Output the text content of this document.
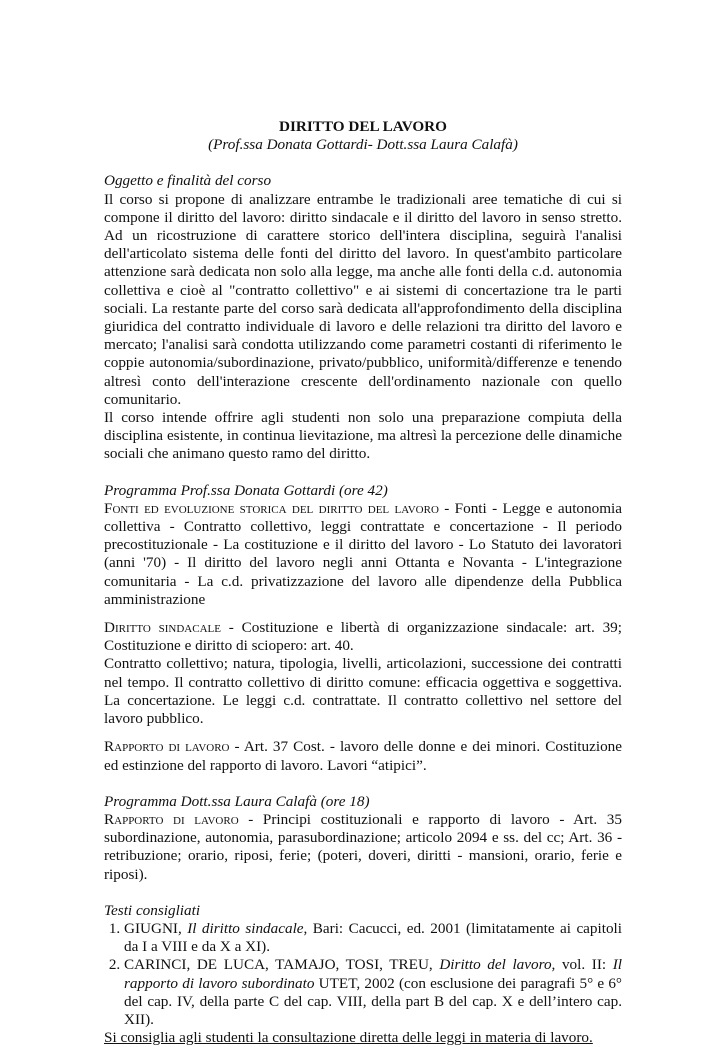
DIRITTO DEL LAVORO
(Prof.ssa Donata Gottardi- Dott.ssa Laura Calafà)
Oggetto e finalità del corso

Il corso si propone di analizzare entrambe le tradizionali aree tematiche di cui si compone il diritto del lavoro: diritto sindacale e il diritto del lavoro in senso stretto. Ad un ricostruzione di carattere storico dell'intera disciplina, seguirà l'analisi dell'articolato sistema delle fonti del diritto del lavoro. In quest'ambito particolare attenzione sarà dedicata non solo alla legge, ma anche alle fonti della c.d. autonomia collettiva e cioè al "contratto collettivo" e ai sistemi di concertazione tra le parti sociali. La restante parte del corso sarà dedicata all'approfondimento della disciplina giuridica del contratto individuale di lavoro e delle relazioni tra diritto del lavoro e mercato; l'analisi sarà condotta utilizzando come parametri costanti di riferimento le coppie autonomia/subordinazione, privato/pubblico, uniformità/differenze e tenendo altresì conto dell'interazione crescente dell'ordinamento nazionale con quello comunitario.

Il corso intende offrire agli studenti non solo una preparazione compiuta della disciplina esistente, in continua lievitazione, ma altresì la percezione delle dinamiche sociali che animano questo ramo del diritto.

Programma Prof.ssa Donata Gottardi (ore 42)

Fonti ed evoluzione storica del diritto del lavoro - Fonti - Legge e autonomia collettiva - Contratto collettivo, leggi contrattate e concertazione - Il periodo precostituzionale - La costituzione e il diritto del lavoro - Lo Statuto dei lavoratori (anni '70) - Il diritto del lavoro negli anni Ottanta e Novanta - L'integrazione comunitaria - La c.d. privatizzazione del lavoro alle dipendenze della Pubblica amministrazione

Diritto sindacale - Costituzione e libertà di organizzazione sindacale: art. 39; Costituzione e diritto di sciopero: art. 40.

Contratto collettivo; natura, tipologia, livelli, articolazioni, successione dei contratti nel tempo. Il contratto collettivo di diritto comune: efficacia oggettiva e soggettiva. La concertazione. Le leggi c.d. contrattate. Il contratto collettivo nel settore del lavoro pubblico.

Rapporto di lavoro - Art. 37 Cost. - lavoro delle donne e dei minori. Costituzione ed estinzione del rapporto di lavoro. Lavori “atipici”.

Programma Dott.ssa Laura Calafà (ore 18)

Rapporto di lavoro - Principi costituzionali e rapporto di lavoro - Art. 35 subordinazione, autonomia, parasubordinazione; articolo 2094 e ss. del cc; Art. 36 - retribuzione; orario, riposi, ferie; (poteri, doveri, diritti - mansioni, orario, ferie e riposi).

Testi consigliati
1. GIUGNI, Il diritto sindacale, Bari: Cacucci, ed. 2001 (limitatamente ai capitoli da I a VIII e da X a XI).
2. CARINCI, DE LUCA, TAMAJO, TOSI, TREU, Diritto del lavoro, vol. II: Il rapporto di lavoro subordinato UTET, 2002 (con esclusione dei paragrafi 5° e 6° del cap. IV, della parte C del cap. VIII, della part B del cap. X e dell’intero cap. XII).

Si consiglia agli studenti la consultazione diretta delle leggi in materia di lavoro.
